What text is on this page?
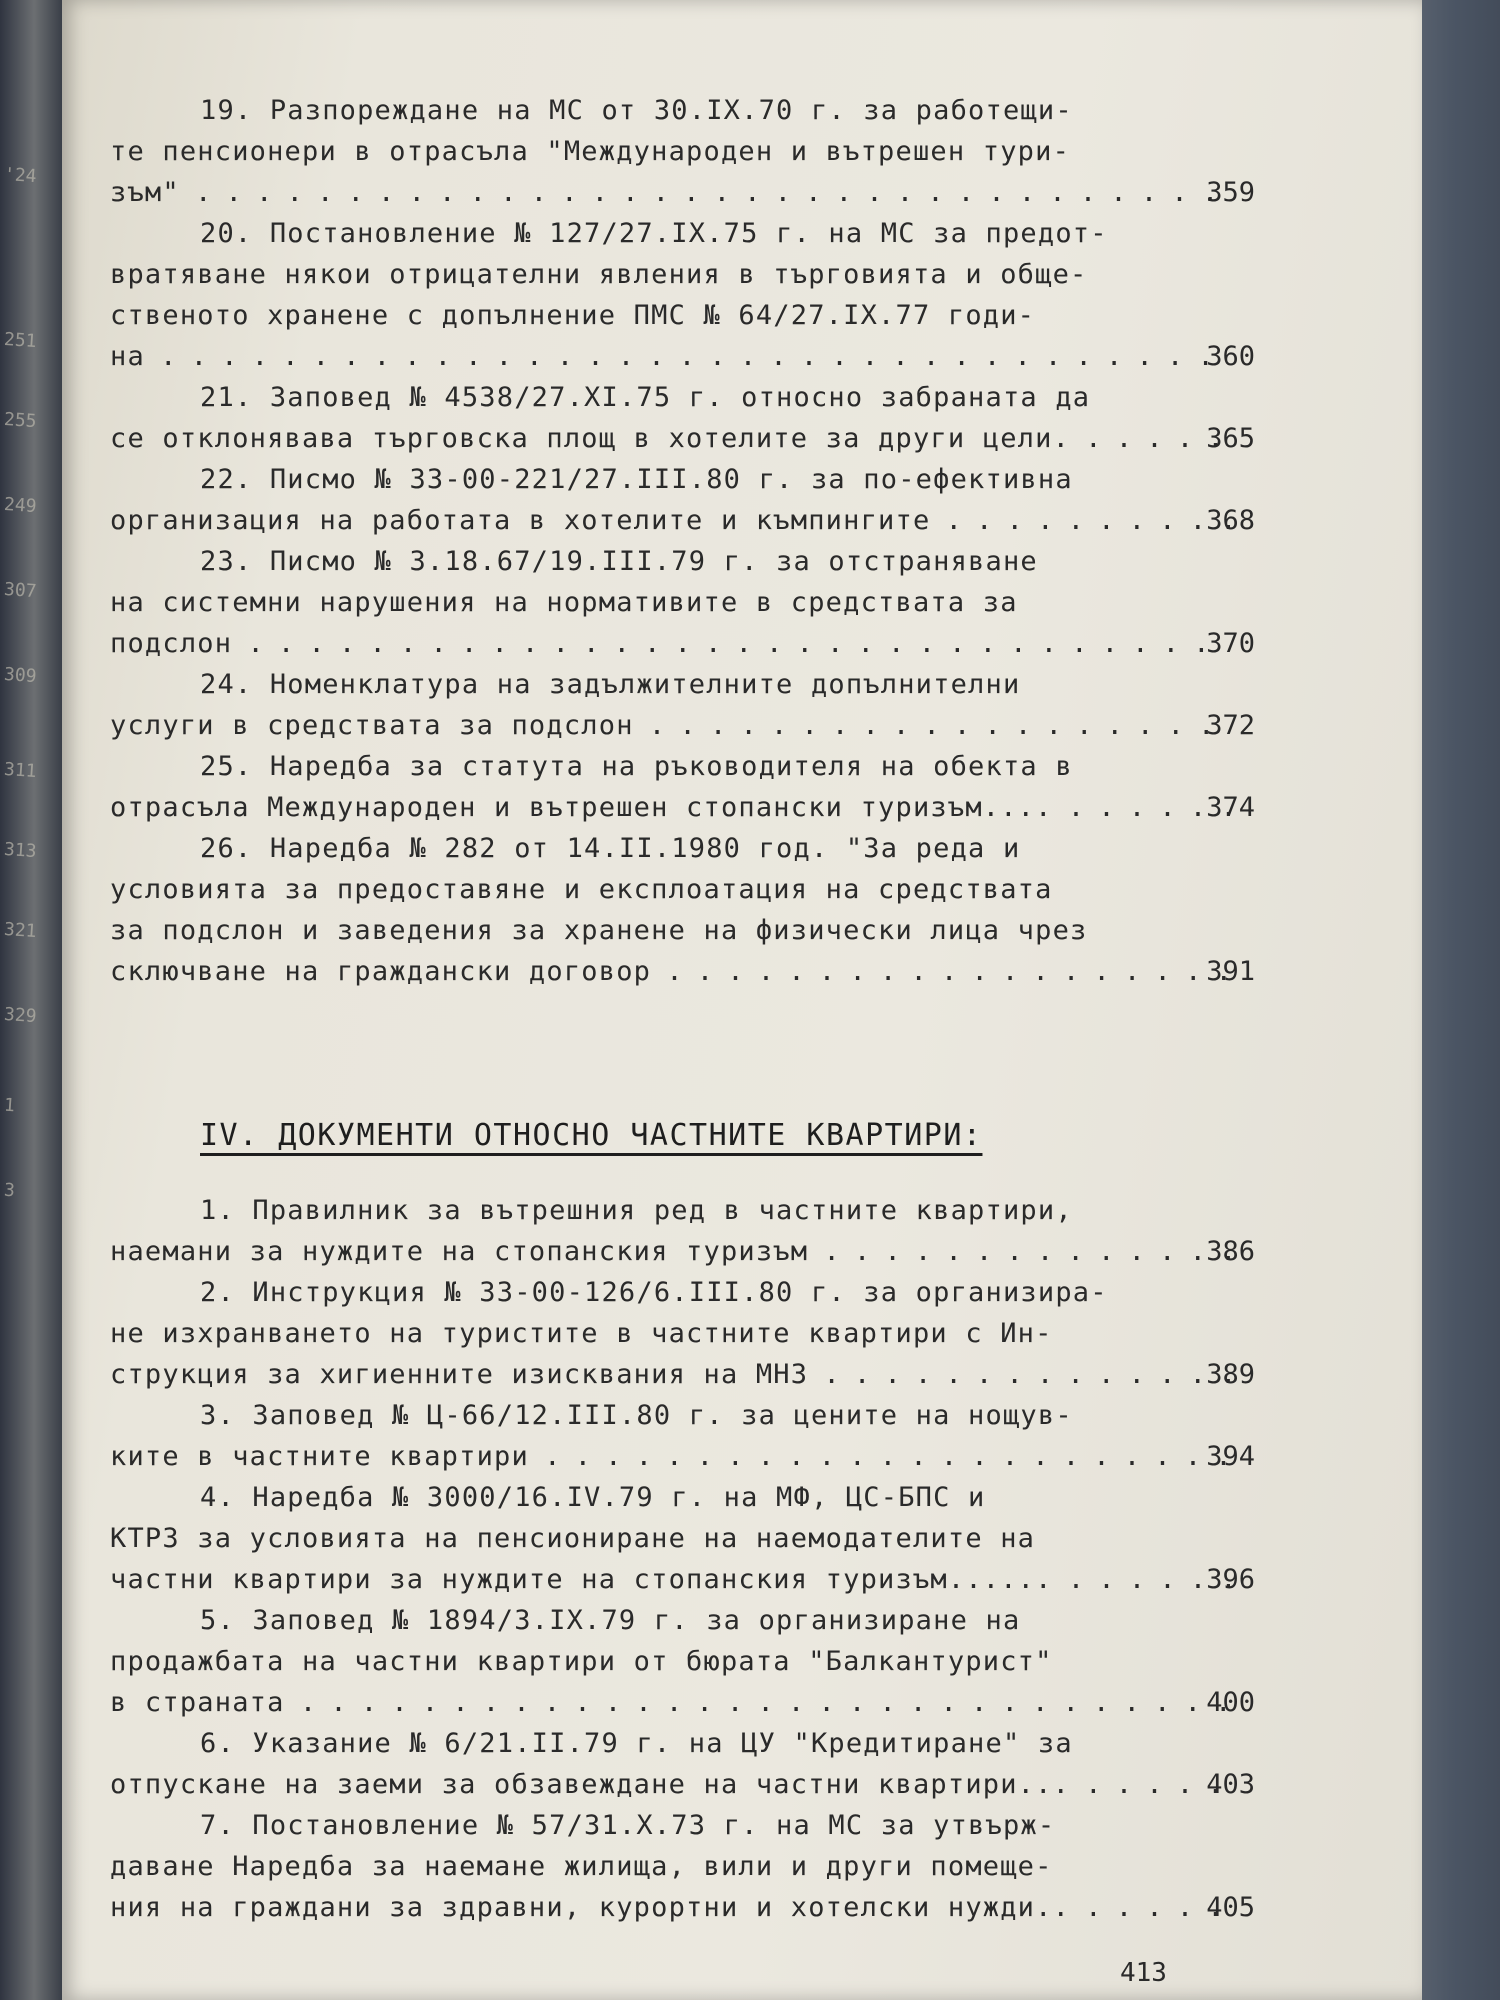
'24
251
255
249
307
309
311
313
321
329
1
3
19. Разпореждане на МС от 30.IX.70 г. за работещи-
те пенсионери в отрасъла "Международен и вътрешен тури-
зъм" . . .	359
20. Постановление № 127/27.IX.75 г. на МС за предот-
вратяване някои отрицателни явления в търговията и обще-
ственото хранене с допълнение ПМС № 64/27.IX.77 годи-
на . . .	360
21. Заповед № 4538/27.XI.75 г. относно забраната да
се отклонявава търговска площ в хотелите за други цели. . . .	365
22. Писмо № 33-00-221/27.III.80 г. за по-ефективна
организация на работата в хотелите и къмпингите . . .	368
23. Писмо № 3.18.67/19.III.79 г. за отстраняване
на системни нарушения на нормативите в средствата за
подслон . . .	370
24. Номенклатура на задължителните допълнителни
услуги в средствата за подслон . . .	372
25. Наредба за статута на ръководителя на обекта в
отрасъла Международен и вътрешен стопански туризъм.... . . .	374
26. Наредба № 282 от 14.II.1980 год. "За реда и
условията за предоставяне и експлоатация на средствата
за подслон и заведения за хранене на физически лица чрез
сключване на граждански договор . . .	391
1. Правилник за вътрешния ред в частните квартири,
наемани за нуждите на стопанския туризъм . . .	386
2. Инструкция № 33-00-126/6.III.80 г. за организира-
не изхранването на туристите в частните квартири с Ин-
струкция за хигиенните изисквания на МНЗ . . .	389
3. Заповед № Ц-66/12.III.80 г. за цените на нощув-
ките в частните квартири . . .	394
4. Наредба № 3000/16.IV.79 г. на МФ, ЦС-БПС и
КТРЗ за условията на пенсиониране на наемодателите на
частни квартири за нуждите на стопанския туризъм...... . . .	396
5. Заповед № 1894/3.IX.79 г. за организиране на
продажбата на частни квартири от бюрата "Балкантурист"
в страната . . .	400
6. Указание № 6/21.II.79 г. на ЦУ "Кредитиране" за
отпускане на заеми за обзавеждане на частни квартири... . . .	403
7. Постановление № 57/31.X.73 г. на МС за утвърж-
даване Наредба за наемане жилища, вили и други помеще-
ния на граждани за здравни, курортни и хотелски нужди.. . . .	405
IV. ДОКУМЕНТИ ОТНОСНО ЧАСТНИТЕ КВАРТИРИ:
413
